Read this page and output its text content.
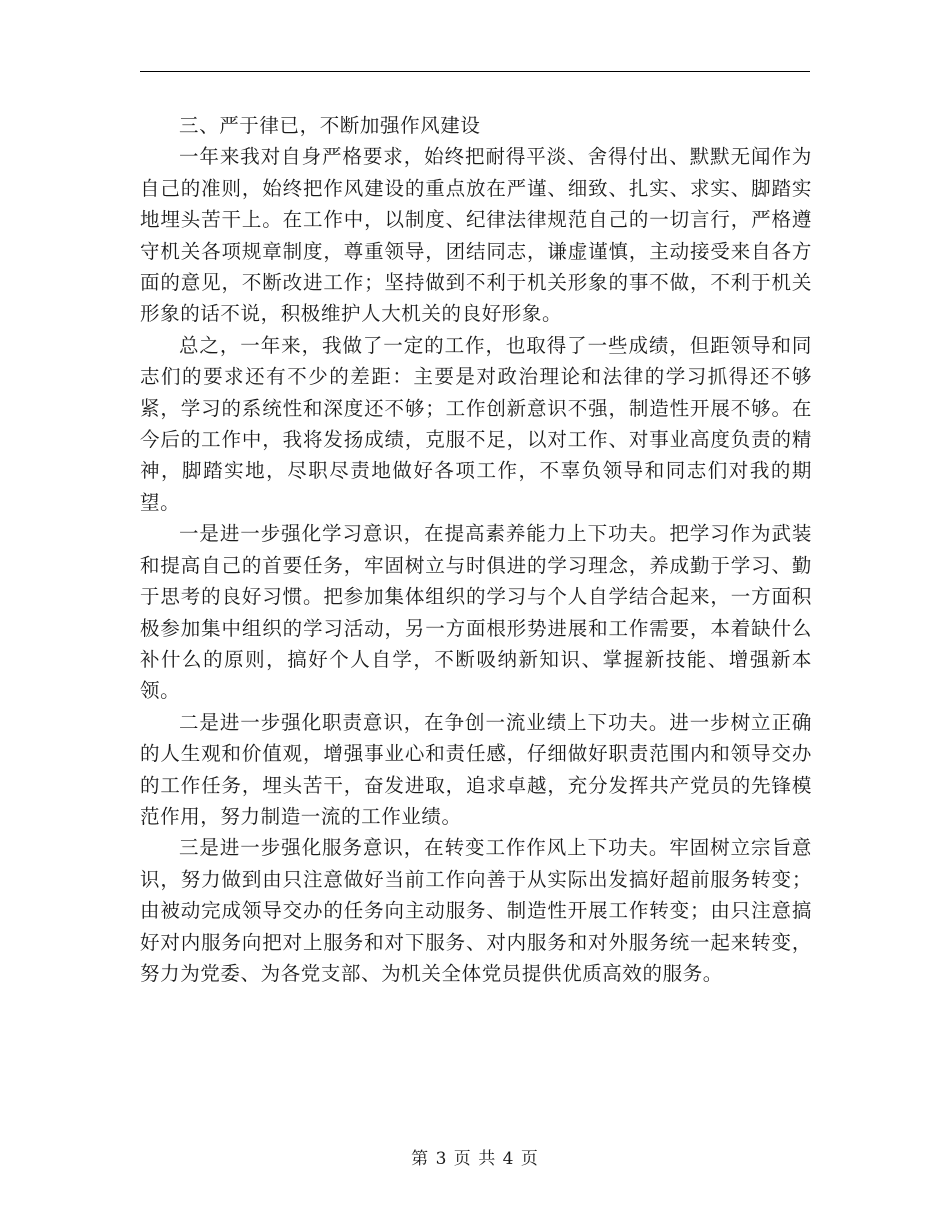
三、严于律已，不断加强作风建设

一年来我对自身严格要求，始终把耐得平淡、舍得付出、默默无闻作为自己的准则，始终把作风建设的重点放在严谨、细致、扎实、求实、脚踏实地埋头苦干上。在工作中，以制度、纪律法律规范自己的一切言行，严格遵守机关各项规章制度，尊重领导，团结同志，谦虚谨慎，主动接受来自各方面的意见，不断改进工作；坚持做到不利于机关形象的事不做，不利于机关形象的话不说，积极维护人大机关的良好形象。

总之，一年来，我做了一定的工作，也取得了一些成绩，但距领导和同志们的要求还有不少的差距：主要是对政治理论和法律的学习抓得还不够紧，学习的系统性和深度还不够；工作创新意识不强，制造性开展不够。在今后的工作中，我将发扬成绩，克服不足，以对工作、对事业高度负责的精神，脚踏实地，尽职尽责地做好各项工作，不辜负领导和同志们对我的期望。

一是进一步强化学习意识，在提高素养能力上下功夫。把学习作为武装和提高自己的首要任务，牢固树立与时俱进的学习理念，养成勤于学习、勤于思考的良好习惯。把参加集体组织的学习与个人自学结合起来，一方面积极参加集中组织的学习活动，另一方面根形势进展和工作需要，本着缺什么补什么的原则，搞好个人自学，不断吸纳新知识、掌握新技能、增强新本领。

二是进一步强化职责意识，在争创一流业绩上下功夫。进一步树立正确的人生观和价值观，增强事业心和责任感，仔细做好职责范围内和领导交办的工作任务，埋头苦干，奋发进取，追求卓越，充分发挥共产党员的先锋模范作用，努力制造一流的工作业绩。

三是进一步强化服务意识，在转变工作作风上下功夫。牢固树立宗旨意识，努力做到由只注意做好当前工作向善于从实际出发搞好超前服务转变；由被动完成领导交办的任务向主动服务、制造性开展工作转变；由只注意搞好对内服务向把对上服务和对下服务、对内服务和对外服务统一起来转变，努力为党委、为各党支部、为机关全体党员提供优质高效的服务。

第 3 页 共 4 页
